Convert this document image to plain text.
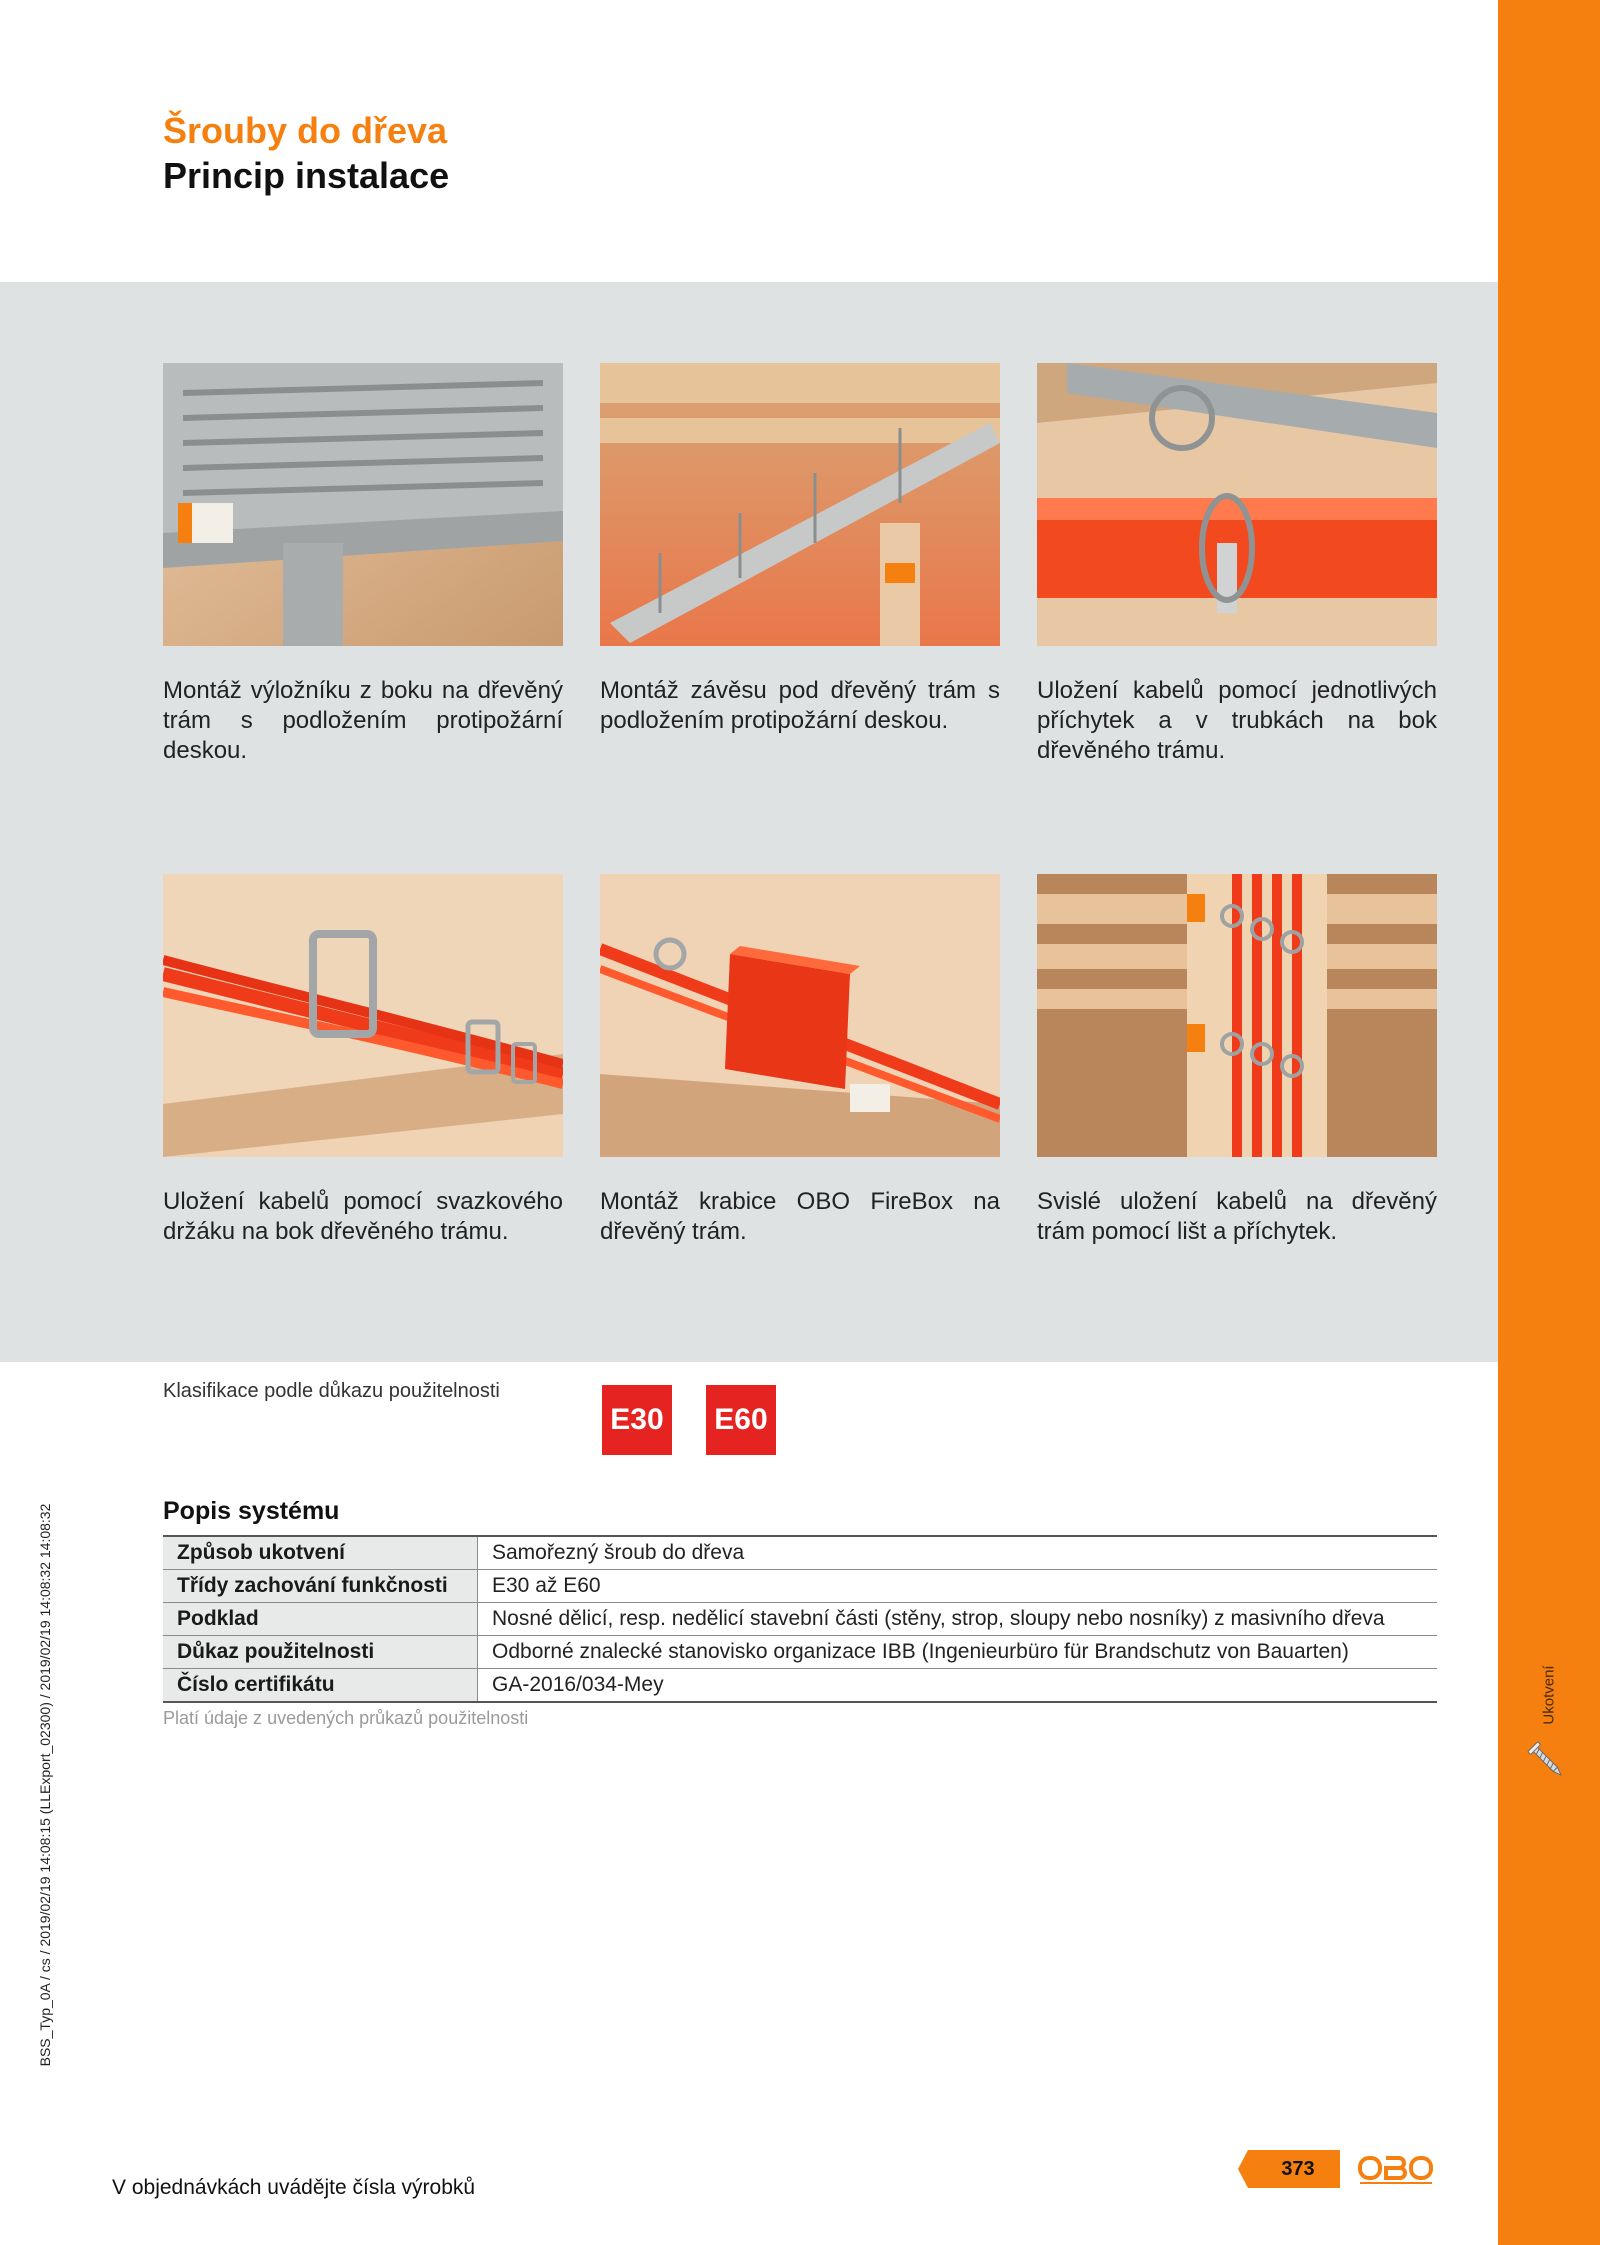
Ukotvení
Šrouby do dřeva
Princip instalace
Montáž výložníku z boku na dřevěný trám s podložením protipožární deskou.
Montáž závěsu pod dřevěný trám s podložením protipožární deskou.
Uložení kabelů pomocí jednotlivých příchytek a v trubkách na bok dřevěného trámu.
Uložení kabelů pomocí svazkového držáku na bok dřevěného trámu.
Montáž krabice OBO FireBox na dřevěný trám.
Svislé uložení kabelů na dřevěný trám pomocí lišt a příchytek.
Klasifikace podle důkazu použitelnosti
E30 E60
Popis systému
Způsob ukotvení	Samořezný šroub do dřeva
Třídy zachování funkčnosti	E30 až E60
Podklad	Nosné dělicí, resp. nedělicí stavební části (stěny, strop, sloupy nebo nosníky) z masivního dřeva
Důkaz použitelnosti	Odborné znalecké stanovisko organizace IBB (Ingenieurbüro für Brandschutz von Bauarten)
Číslo certifikátu	GA-2016/034-Mey
Platí údaje z uvedených průkazů použitelnosti
BSS_Typ_0A / cs / 2019/02/19 14:08:15 (LLExport_02300) / 2019/02/19 14:08:32 14:08:32
V objednávkách uvádějte čísla výrobků
373
